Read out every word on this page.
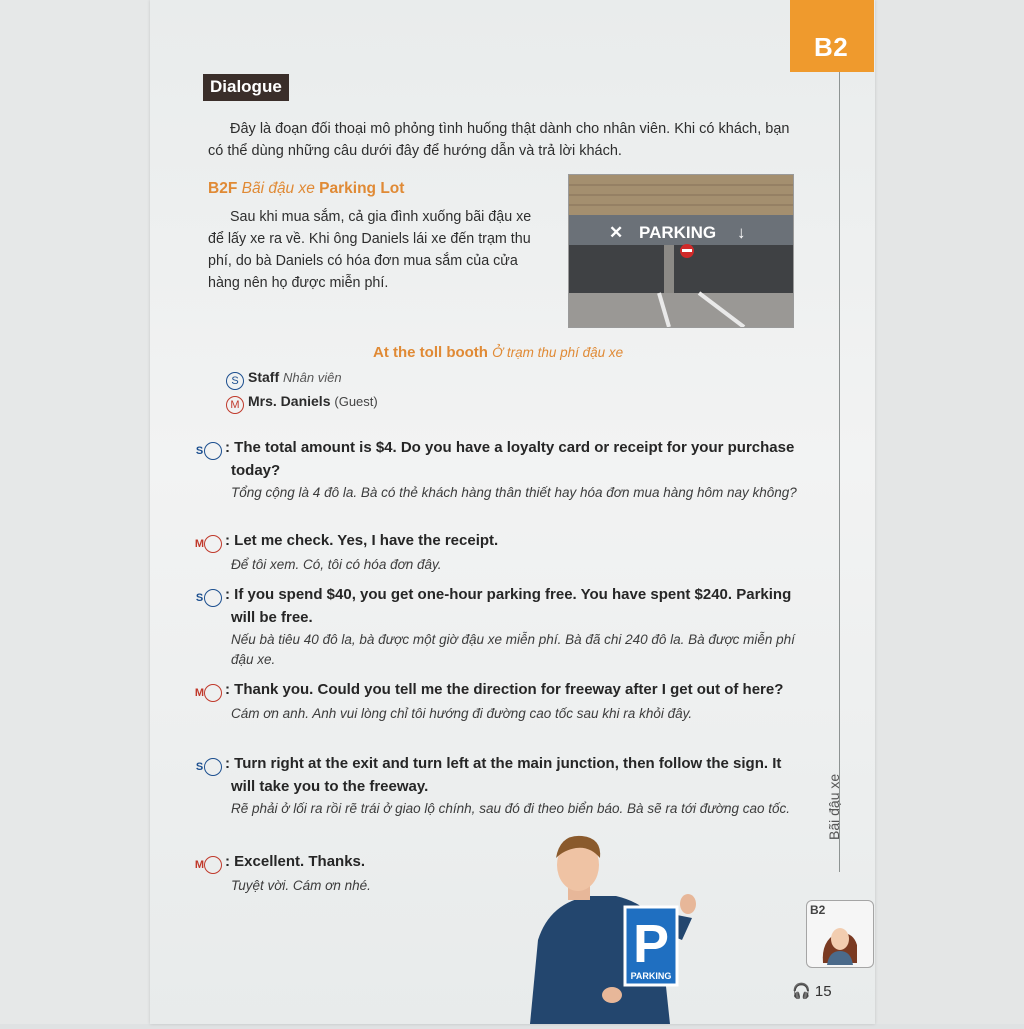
B2
Bãi đậu xe
Dialogue
Đây là đoạn đối thoại mô phỏng tình huống thật dành cho nhân viên. Khi có khách, bạn có thể dùng những câu dưới đây để hướng dẫn và trả lời khách.
B2F Bãi đậu xe Parking Lot
Sau khi mua sắm, cả gia đình xuống bãi đậu xe để lấy xe ra về. Khi ông Daniels lái xe đến trạm thu phí, do bà Daniels có hóa đơn mua sắm của cửa hàng nên họ được miễn phí.
✕ PARKING ↓
At the toll booth Ở trạm thu phí đậu xe
S Staff Nhân viên
M Mrs. Daniels (Guest)
S : The total amount is $4. Do you have a loyalty card or receipt for your purchase today?
Tổng cộng là 4 đô la. Bà có thẻ khách hàng thân thiết hay hóa đơn mua hàng hôm nay không?
M : Let me check. Yes, I have the receipt.
Để tôi xem. Có, tôi có hóa đơn đây.
S : If you spend $40, you get one-hour parking free. You have spent $240. Parking will be free.
Nếu bà tiêu 40 đô la, bà được một giờ đậu xe miễn phí. Bà đã chi 240 đô la. Bà được miễn phí đậu xe.
M : Thank you. Could you tell me the direction for freeway after I get out of here?
Cám ơn anh. Anh vui lòng chỉ tôi hướng đi đường cao tốc sau khi ra khỏi đây.
S : Turn right at the exit and turn left at the main junction, then follow the sign. It will take you to the freeway.
Rẽ phải ở lối ra rồi rẽ trái ở giao lộ chính, sau đó đi theo biển báo. Bà sẽ ra tới đường cao tốc.
M : Excellent. Thanks.
Tuyệt vời. Cám ơn nhé.
P
PARKING
B2
🎧 15
